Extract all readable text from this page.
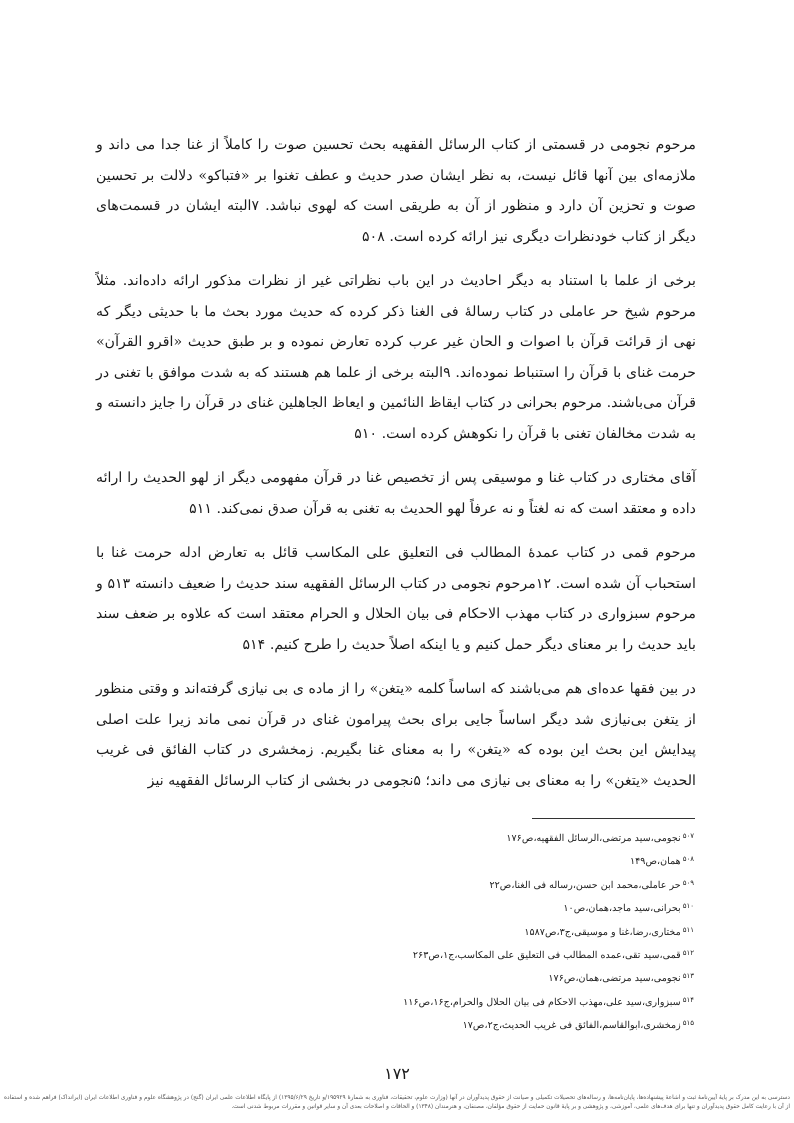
مرحوم نجومی در قسمتی از کتاب الرسائل الفقهیه بحث تحسین صوت را کاملاً از غنا جدا می داند و ملازمه‌ای بین آنها قائل نیست، به نظر ایشان صدر حدیث و عطف تغنوا بر «فتباکو» دلالت بر تحسین صوت و تحزین آن دارد و منظور از آن به طریقی است که لهوی نباشد. ۷البته ایشان در قسمت‌های دیگر از کتاب خودنظرات دیگری نیز ارائه کرده است. ۵۰۸

برخی از علما با استناد به دیگر احادیث در این باب نظراتی غیر از نظرات مذکور ارائه داده‌اند. مثلاً مرحوم شیخ حر عاملی در کتاب رسالهٔ فی الغنا ذکر کرده که حدیث مورد بحث ما با حدیثی دیگر که نهی از قرائت قرآن با اصوات و الحان غیر عرب کرده تعارض نموده و بر طبق حدیث «اقرو القرآن» حرمت غنای با قرآن را استنباط نموده‌اند. ۹البته برخی از علما هم هستند که به شدت موافق با تغنی در قرآن می‌باشند. مرحوم بحرانی در کتاب ایقاظ النائمین و ایعاظ الجاهلین غنای در قرآن را جایز دانسته و به شدت مخالفان تغنی با قرآن را نکوهش کرده است. ۵۱۰

آقای مختاری در کتاب غنا و موسیقی پس از تخصیص غنا در قرآن مفهومی دیگر از لهو الحدیث را ارائه داده و معتقد است که نه لغتاً و نه عرفاً لهو الحدیث به تغنی به قرآن صدق نمی‌کند. ۵۱۱

مرحوم قمی در کتاب عمدهٔ المطالب فی التعلیق علی المکاسب قائل به تعارض ادله حرمت غنا با استحباب آن شده است. ۱۲مرحوم نجومی در کتاب الرسائل الفقهیه سند حدیث را ضعیف دانسته ۵۱۳ و مرحوم سبزواری در کتاب مهذب الاحکام فی بیان الحلال و الحرام معتقد است که علاوه بر ضعف سند باید حدیث را بر معنای دیگر حمل کنیم و یا اینکه اصلاً حدیث را طرح کنیم. ۵۱۴

در بین فقها عده‌ای هم می‌باشند که اساساً کلمه «یتغن» را از ماده ی بی نیازی گرفته‌اند و وقتی منظور از یتغن بی‌نیازی شد دیگر اساساً جایی برای بحث پیرامون غنای در قرآن نمی ماند زیرا علت اصلی پیدایش این بحث این بوده که «یتغن» را به معنای غنا بگیریم. زمخشری در کتاب الفائق فی غریب الحدیث «یتغن» را به معنای بی نیازی می داند؛ ۵نجومی در بخشی از کتاب الرسائل الفقهیه نیز

$^{۵۰۷}$نجومی،سید مرتضی،الرسائل الفقهیه،ص۱۷۶
$^{۵۰۸}$همان،ص۱۴۹
$^{۵۰۹}$حر عاملی،محمد ابن حسن،رساله فی الغنا،ص۲۲
$^{۵۱۰}$بحرانی،سید ماجد،همان،ص۱۰
$^{۵۱۱}$مختاری،رضا،غنا و موسیقی،ج۳،ص۱۵۸۷
$^{۵۱۲}$قمی،سید تقی،عمده المطالب فی التعلیق علی المکاسب،ج۱،ص۲۶۳
$^{۵۱۳}$نجومی،سید مرتضی،همان،ص۱۷۶
$^{۵۱۴}$سبزواری،سید علی،مهذب الاحکام فی بیان الحلال والحرام،ج۱۶،ص۱۱۶
$^{۵۱۵}$زمخشری،ابوالقاسم،الفائق فی غریب الحدیث،ج۲،ص۱۷
۱۷۲
دسترسی به این مدرک بر پایهٔ آیین‌نامهٔ ثبت و اشاعهٔ پیشنهاده‌ها، پایان‌نامه‌ها، و رساله‌های تحصیلات تکمیلی و صیانت از حقوق پدیدآوران در آنها (وزارت علوم، تحقیقات، فناوری به شمارهٔ ۱۹۵۹۲۹/و تاریخ ۱۳۹۵/۶/۲۹) از پایگاه اطلاعات علمی ایران (گنج) در پژوهشگاه علوم و فناوری اطلاعات ایران (ایرانداک) فراهم شده و استفاده از آن با رعایت کامل حقوق پدیدآوران و تنها برای هدف‌های علمی، آموزشی، و پژوهشی و بر پایهٔ قانون حمایت از حقوق مؤلفان، مصنفان، و هنرمندان (۱۳۴۸) و الحاقات و اصلاحات بعدی آن و سایر قوانین و مقررات مربوط شدنی است.
